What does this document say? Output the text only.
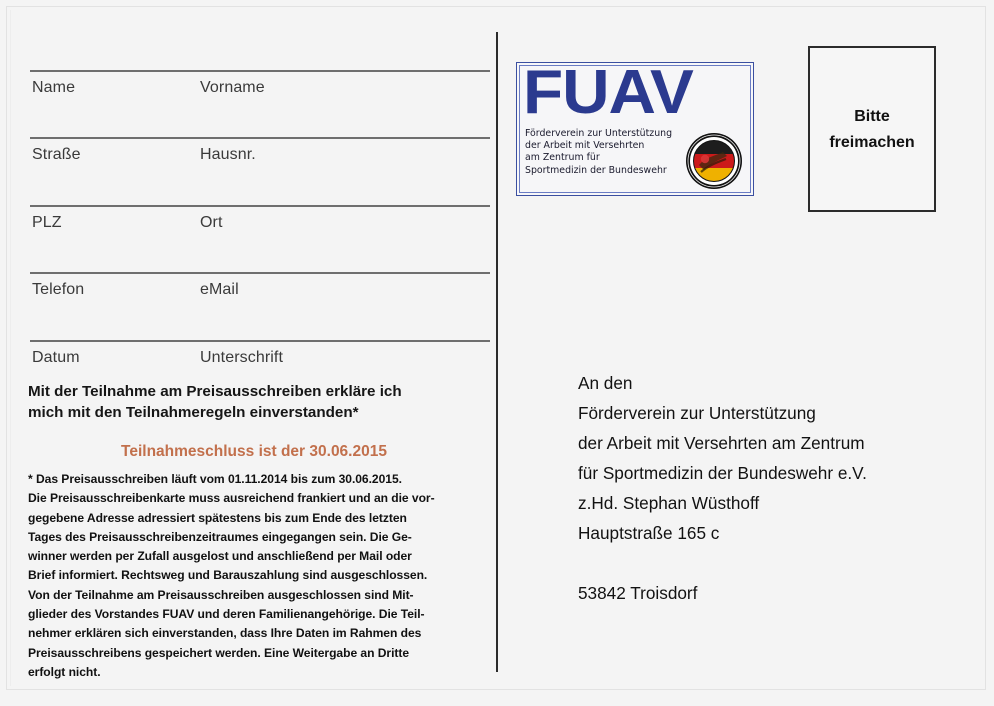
Name	Vorname
Straße	Hausnr.
PLZ	Ort
Telefon	eMail
Datum	Unterschrift
Mit der Teilnahme am Preisausschreiben erkläre ich
mich mit den Teilnahmeregeln einverstanden*
Teilnahmeschluss ist der 30.06.2015
* Das Preisausschreiben läuft vom 01.11.2014 bis zum 30.06.2015.
Die Preisausschreibenkarte muss ausreichend frankiert und an die vor-
gegebene Adresse adressiert spätestens bis zum Ende des letzten
Tages des Preisausschreibenzeitraumes eingegangen sein. Die Ge-
winner werden per Zufall ausgelost und anschließend per Mail oder
Brief informiert. Rechtsweg und Barauszahlung sind ausgeschlossen.
Von der Teilnahme am Preisausschreiben ausgeschlossen sind Mit-
glieder des Vorstandes FUAV und deren Familienangehörige. Die Teil-
nehmer erklären sich einverstanden, dass Ihre Daten im Rahmen des
Preisausschreibens gespeichert werden. Eine Weitergabe an Dritte
erfolgt nicht.
FUAV
Förderverein zur Unterstützung
der Arbeit mit Versehrten
am Zentrum für
Sportmedizin der Bundeswehr
Bitte
freimachen
An den
Förderverein zur Unterstützung
der Arbeit mit Versehrten am Zentrum
für Sportmedizin der Bundeswehr e.V.
z.Hd. Stephan Wüsthoff
Hauptstraße 165 c
53842 Troisdorf
